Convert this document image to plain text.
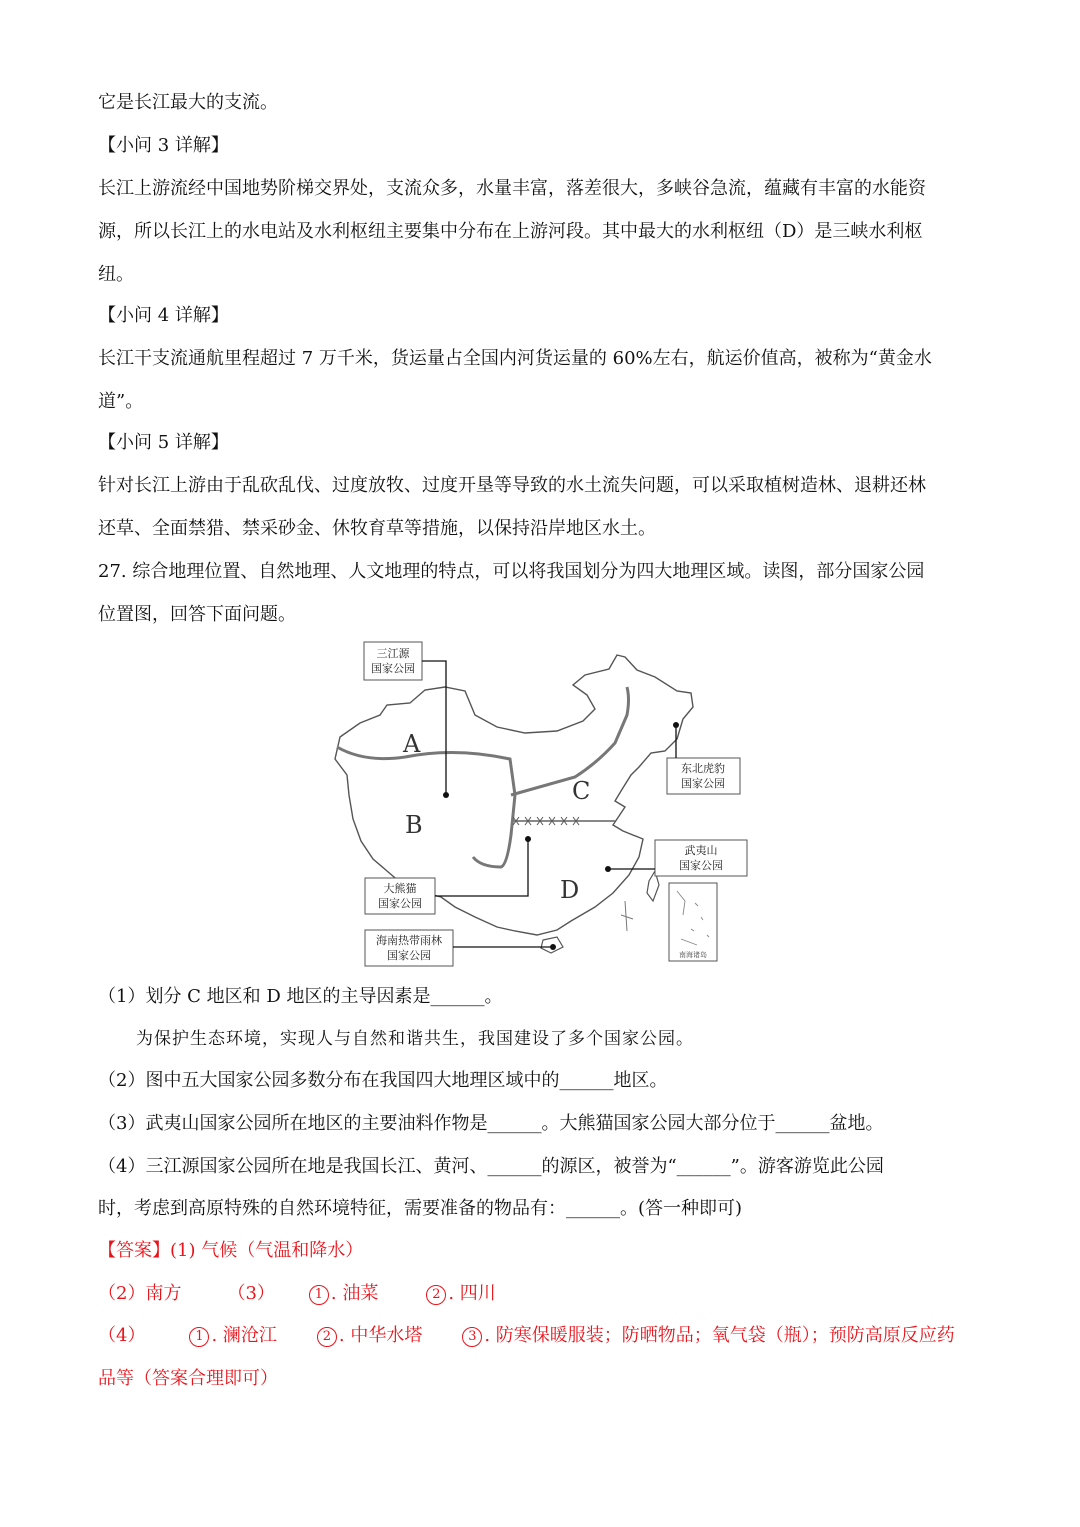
它是长江最大的支流。
【小问 3 详解】
长江上游流经中国地势阶梯交界处，支流众多，水量丰富，落差很大，多峡谷急流，蕴藏有丰富的水能资
源，所以长江上的水电站及水利枢纽主要集中分布在上游河段。其中最大的水利枢纽（D）是三峡水利枢
纽。
【小问 4 详解】
长江干支流通航里程超过 7 万千米，货运量占全国内河货运量的 60%左右，航运价值高，被称为“黄金水
道”。
【小问 5 详解】
针对长江上游由于乱砍乱伐、过度放牧、过度开垦等导致的水土流失问题，可以采取植树造林、退耕还林
还草、全面禁猎、禁采砂金、休牧育草等措施，以保持沿岸地区水土。
27. 综合地理位置、自然地理、人文地理的特点，可以将我国划分为四大地理区域。读图，部分国家公园
位置图，回答下面问题。
A
B
C
D
三江源
国家公园
东北虎豹
国家公园
武夷山
国家公园
大熊猫
国家公园
海南热带雨林
国家公园	南海诸岛
（1）划分 C 地区和 D 地区的主导因素是______。
为保护生态环境，实现人与自然和谐共生，我国建设了多个国家公园。
（2）图中五大国家公园多数分布在我国四大地理区域中的______地区。
（3）武夷山国家公园所在地区的主要油料作物是______。大熊猫国家公园大部分位于______盆地。
（4）三江源国家公园所在地是我国长江、黄河、______的源区，被誉为“______”。游客游览此公园
时，考虑到高原特殊的自然环境特征，需要准备的物品有：______。(答一种即可)
【答案】(1) 气候（气温和降水）
（2）南方	（3）	1 . 油菜	2 . 四川
（4）	1 . 澜沧江	2 . 中华水塔	3 . 防寒保暖服装；防晒物品；氧气袋（瓶）；预防高原反应药
品等（答案合理即可）
